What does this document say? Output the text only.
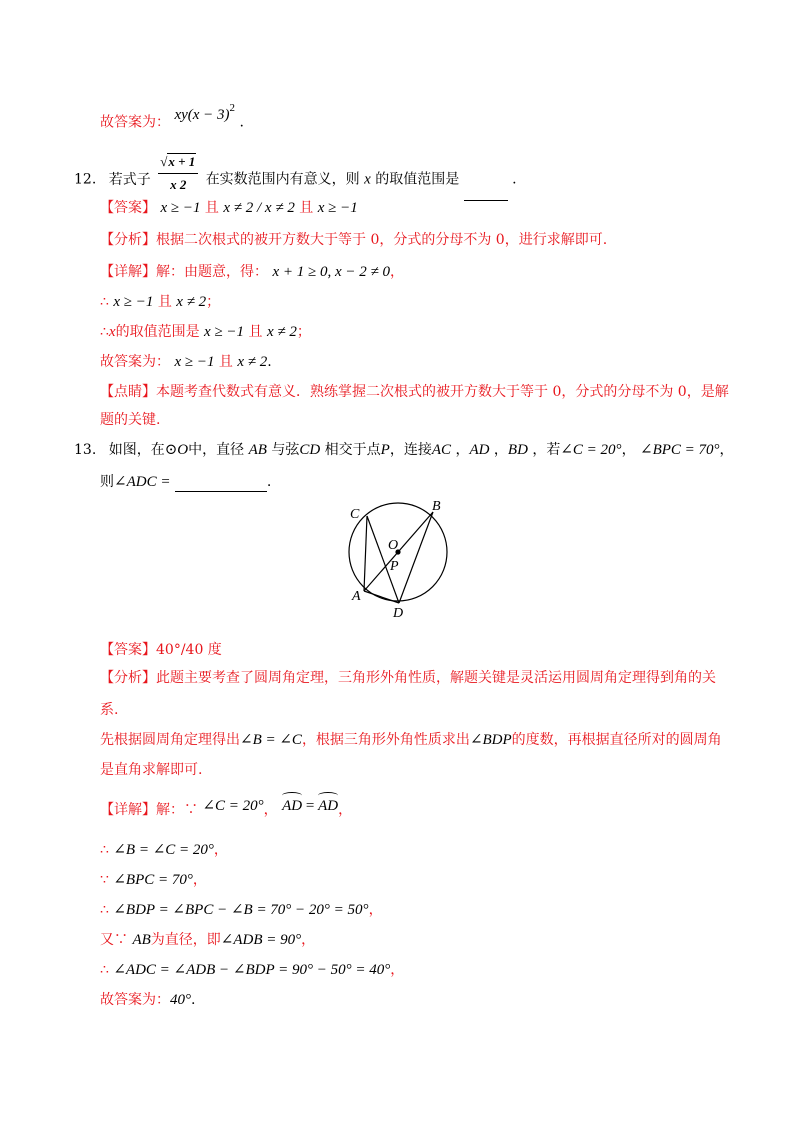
故答案为： $xy(x - 3)^2$ .
12. 若式子 $\frac{√x + 1}{x 2}$ 在实数范围内有意义，则 x 的取值范围是	.
【答案】 x ≥ −1 且 x ≠ 2 / x ≠ 2 且 x ≥ −1
【分析】根据二次根式的被开方数大于等于 0，分式的分母不为 0，进行求解即可.
【详解】解：由题意，得： x + 1 ≥ 0, x − 2 ≠ 0，
∴ x ≥ −1 且 x ≠ 2；
∴x的取值范围是 x ≥ −1 且 x ≠ 2；
故答案为： x ≥ −1 且 x ≠ 2.
【点睛】本题考查代数式有意义．熟练掌握二次根式的被开方数大于等于 0，分式的分母不为 0，是解
题的关键.
13. 如图，在⊙O中，直径 AB 与弦CD 相交于点P，连接AC ，AD ，BD ，若∠C = 20°， ∠BPC = 70°，
则∠ADC =	.
C
B
O
P
A
D
【答案】40°/40 度
【分析】此题主要考查了圆周角定理，三角形外角性质，解题关键是灵活运用圆周角定理得到角的关
系.
先根据圆周角定理得出∠B = ∠C，根据三角形外角性质求出∠BDP的度数，再根据直径所对的圆周角
是直角求解即可.
【详解】解：∵ ∠C = 20°， AD = AD，
∴ ∠B = ∠C = 20°，
∵ ∠BPC = 70°，
∴ ∠BDP = ∠BPC − ∠B = 70° − 20° = 50°，
又∵ AB为直径，即∠ADB = 90°，
∴ ∠ADC = ∠ADB − ∠BDP = 90° − 50° = 40°，
故答案为：40°.
